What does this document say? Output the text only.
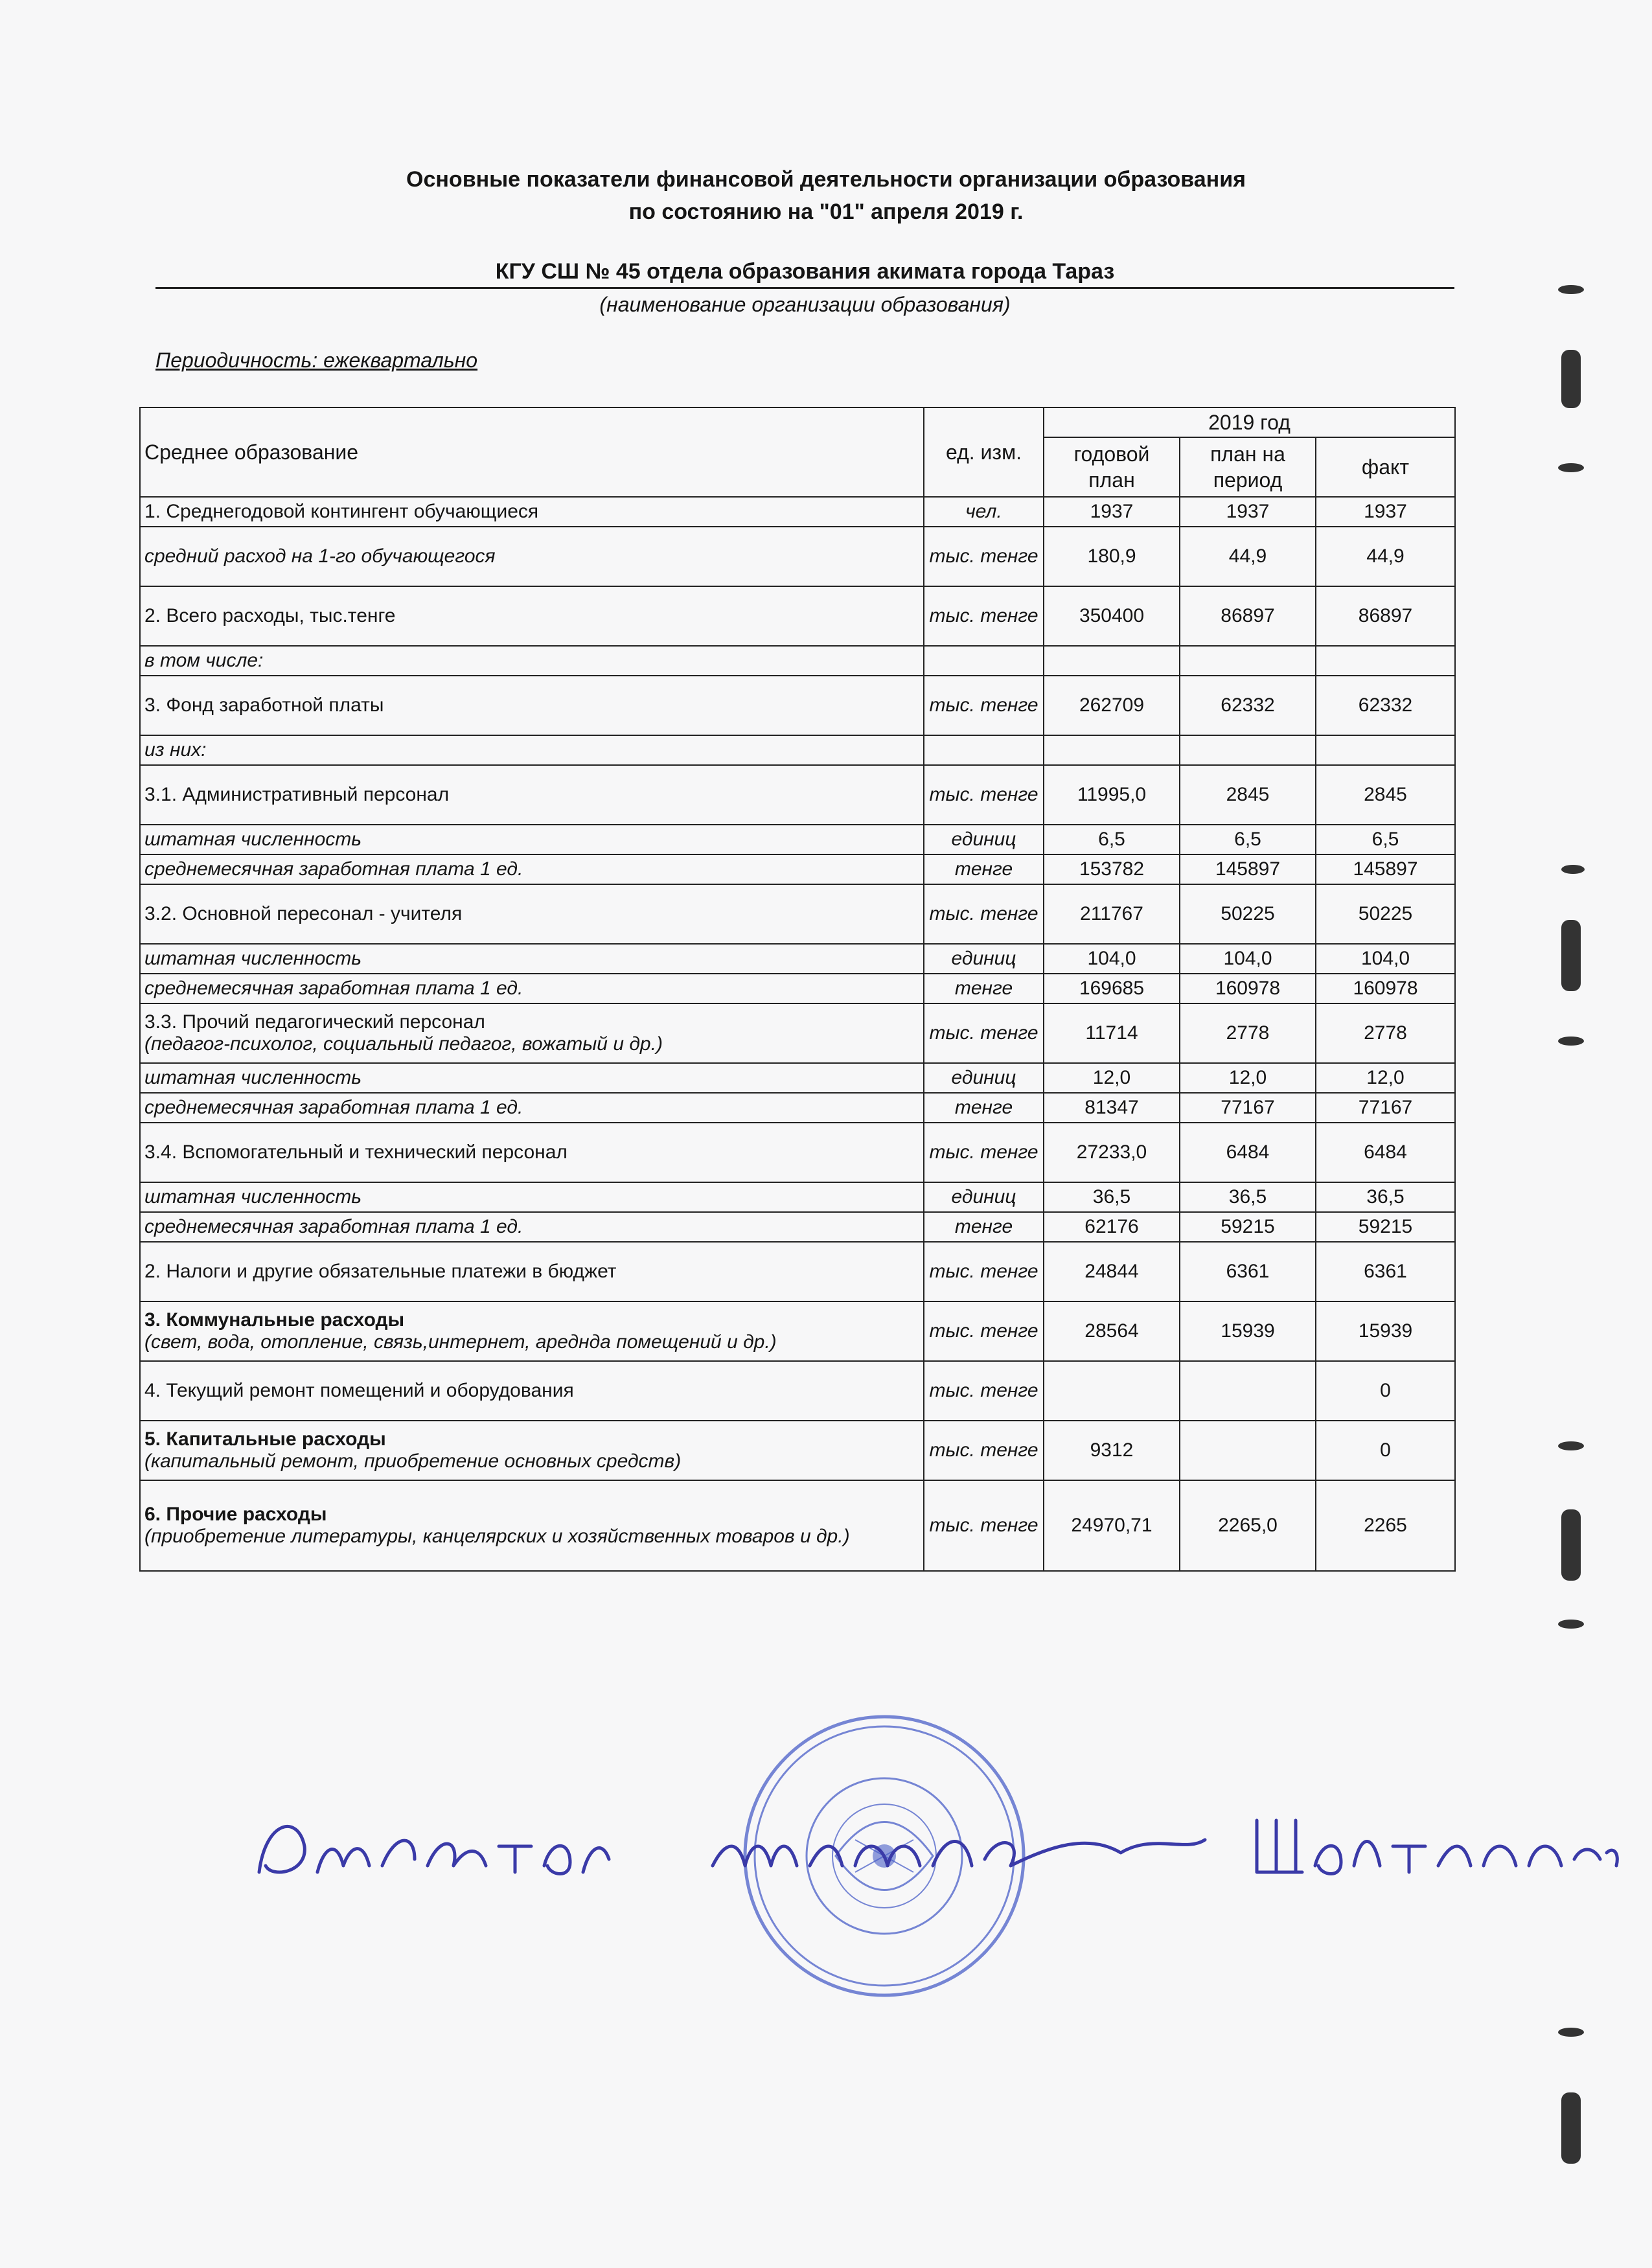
Основные показатели финансовой деятельности организации образования
по состоянию на "01" апреля 2019 г.
КГУ СШ № 45 отдела образования акимата города Тараз
(наименование организации образования)
Периодичность: ежеквартально
Среднее образование	ед. изм.	2019 год		
		годовой план	план на период	факт
1. Среднегодовой контингент обучающиеся	чел.	1937	1937	1937
средний расход на 1-го обучающегося	тыс. тенге	180,9	44,9	44,9
2. Всего расходы, тыс.тенге	тыс. тенге	350400	86897	86897
в том числе:				
3. Фонд заработной платы	тыс. тенге	262709	62332	62332
из них:				
3.1. Административный персонал	тыс. тенге	11995,0	2845	2845
штатная численность	единиц	6,5	6,5	6,5
среднемесячная заработная плата 1 ед.	тенге	153782	145897	145897
3.2. Основной пересонал - учителя	тыс. тенге	211767	50225	50225
штатная численность	единиц	104,0	104,0	104,0
среднемесячная заработная плата 1 ед.	тенге	169685	160978	160978
3.3. Прочий педагогический персонал
(педагог-психолог, социальный педагог, вожатый и др.)	тыс. тенге	11714	2778	2778
штатная численность	единиц	12,0	12,0	12,0
среднемесячная заработная плата 1 ед.	тенге	81347	77167	77167
3.4. Вспомогательный и технический персонал	тыс. тенге	27233,0	6484	6484
штатная численность	единиц	36,5	36,5	36,5
среднемесячная заработная плата 1 ед.	тенге	62176	59215	59215
2. Налоги и другие обязательные платежи в бюджет	тыс. тенге	24844	6361	6361
3. Коммунальные расходы
(свет, вода, отопление, связь,интернет, аредндa помещений и др.)	тыс. тенге	28564	15939	15939
4. Текущий ремонт помещений и оборудования	тыс. тенге			0
5. Капитальные расходы
(капитальный ремонт, приобретение основных средств)	тыс. тенге	9312		0
6. Прочие расходы
(приобретение литературы, канцелярских и хозяйственных товаров и др.)	тыс. тенге	24970,71	2265,0	2265
